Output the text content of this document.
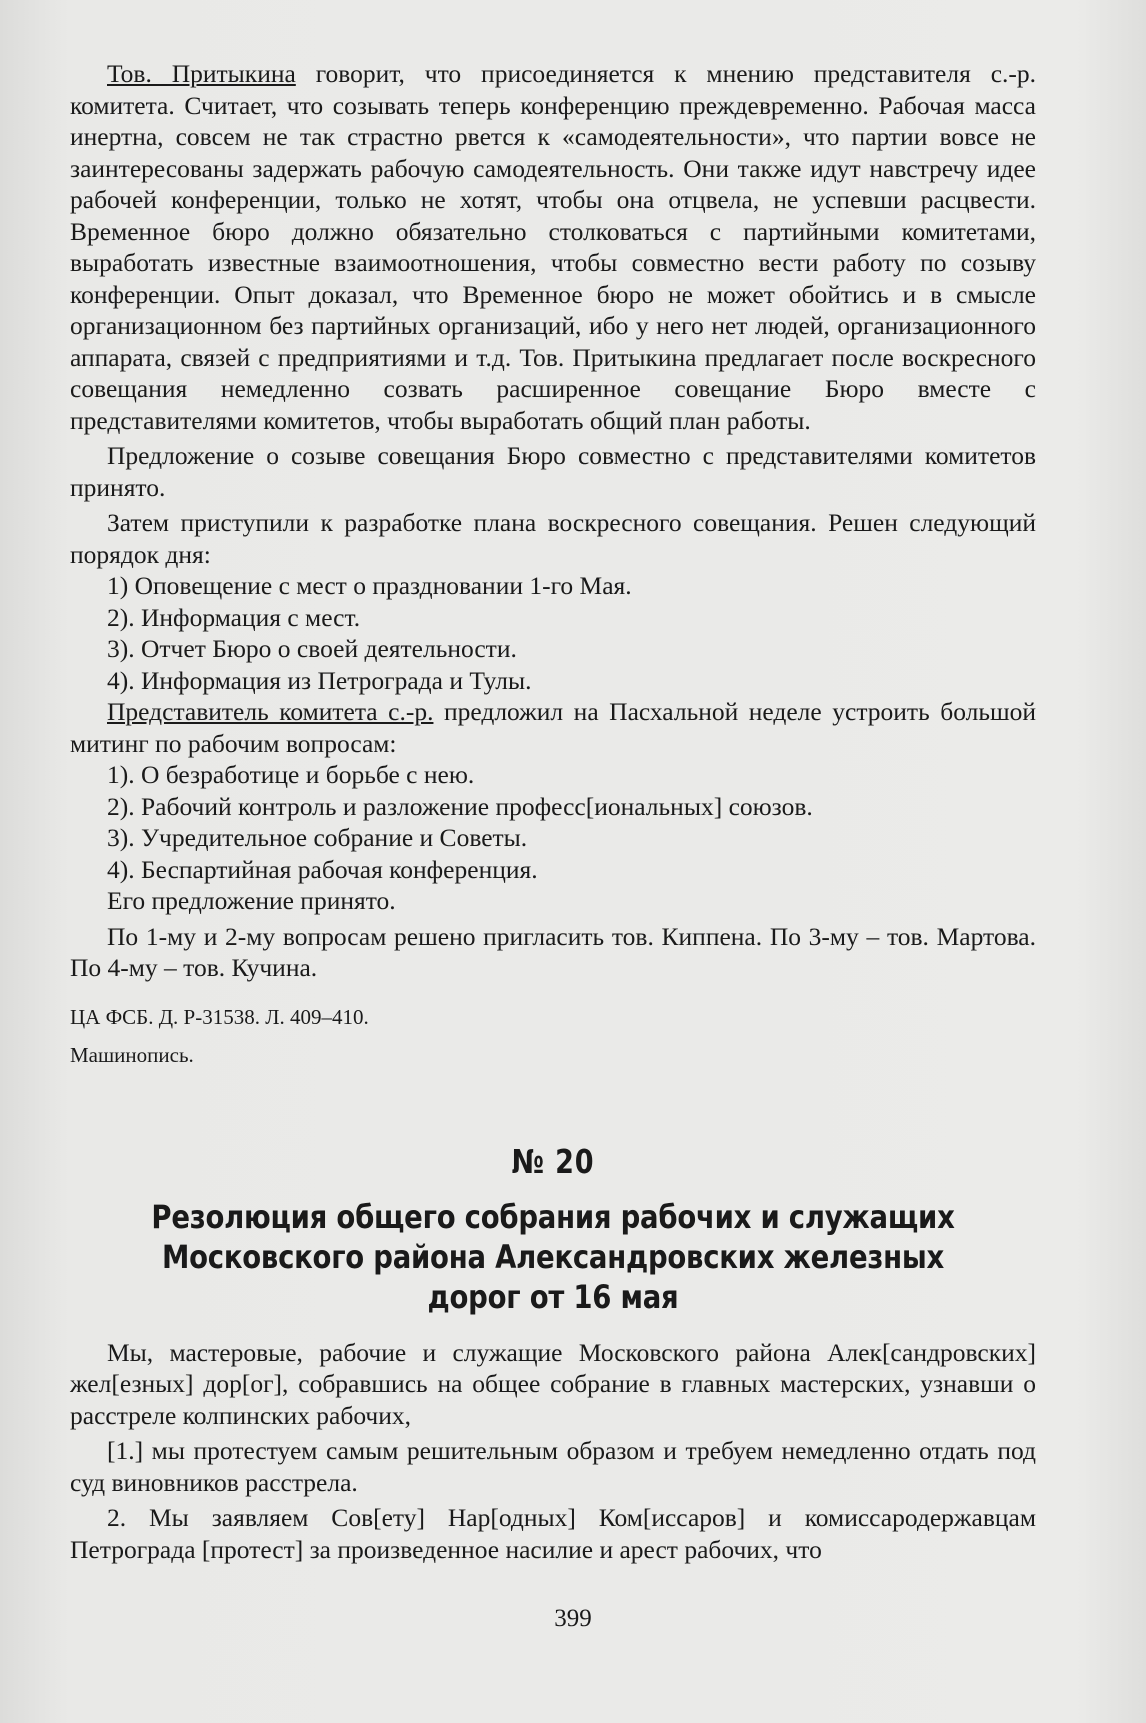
Тов. Притыкина говорит, что присоединяется к мнению представителя с.-р. комитета. Считает, что созывать теперь конференцию преждевременно. Рабочая масса инертна, совсем не так страстно рвется к «самодеятельности», что партии вовсе не заинтересованы задержать рабочую самодеятельность. Они также идут навстречу идее рабочей конференции, только не хотят, чтобы она отцвела, не успевши расцвести. Временное бюро должно обязательно столковаться с партийными комитетами, выработать известные взаимоотношения, чтобы совместно вести работу по созыву конференции. Опыт доказал, что Временное бюро не может обойтись и в смысле организационном без партийных организаций, ибо у него нет людей, организационного аппарата, связей с предприятиями и т.д. Тов. Притыкина предлагает после воскресного совещания немедленно созвать расширенное совещание Бюро вместе с представителями комитетов, чтобы выработать общий план работы.

Предложение о созыве совещания Бюро совместно с представителями комитетов принято.

Затем приступили к разработке плана воскресного совещания. Решен следующий порядок дня:

1) Оповещение с мест о праздновании 1-го Мая.

2). Информация с мест.

3). Отчет Бюро о своей деятельности.

4). Информация из Петрограда и Тулы.

Представитель комитета с.-р. предложил на Пасхальной неделе устроить большой митинг по рабочим вопросам:

1). О безработице и борьбе с нею.

2). Рабочий контроль и разложение професс[иональных] союзов.

3). Учредительное собрание и Советы.

4). Беспартийная рабочая конференция.

Его предложение принято.

По 1-му и 2-му вопросам решено пригласить тов. Киппена. По 3-му – тов. Мартова. По 4-му – тов. Кучина.

ЦА ФСБ. Д. Р-31538. Л. 409–410.

Машинопись.

№ 20
Резолюция общего собрания рабочих и служащих Московского района Александровских железных дорог от 16 мая

Мы, мастеровые, рабочие и служащие Московского района Алек[сандровских] жел[езных] дор[ог], собравшись на общее собрание в главных мастерских, узнавши о расстреле колпинских рабочих,

[1.] мы протестуем самым решительным образом и требуем немедленно отдать под суд виновников расстрела.

2. Мы заявляем Сов[ету] Нар[одных] Ком[иссаров] и комиссародержавцам Петрограда [протест] за произведенное насилие и арест рабочих, что

399
